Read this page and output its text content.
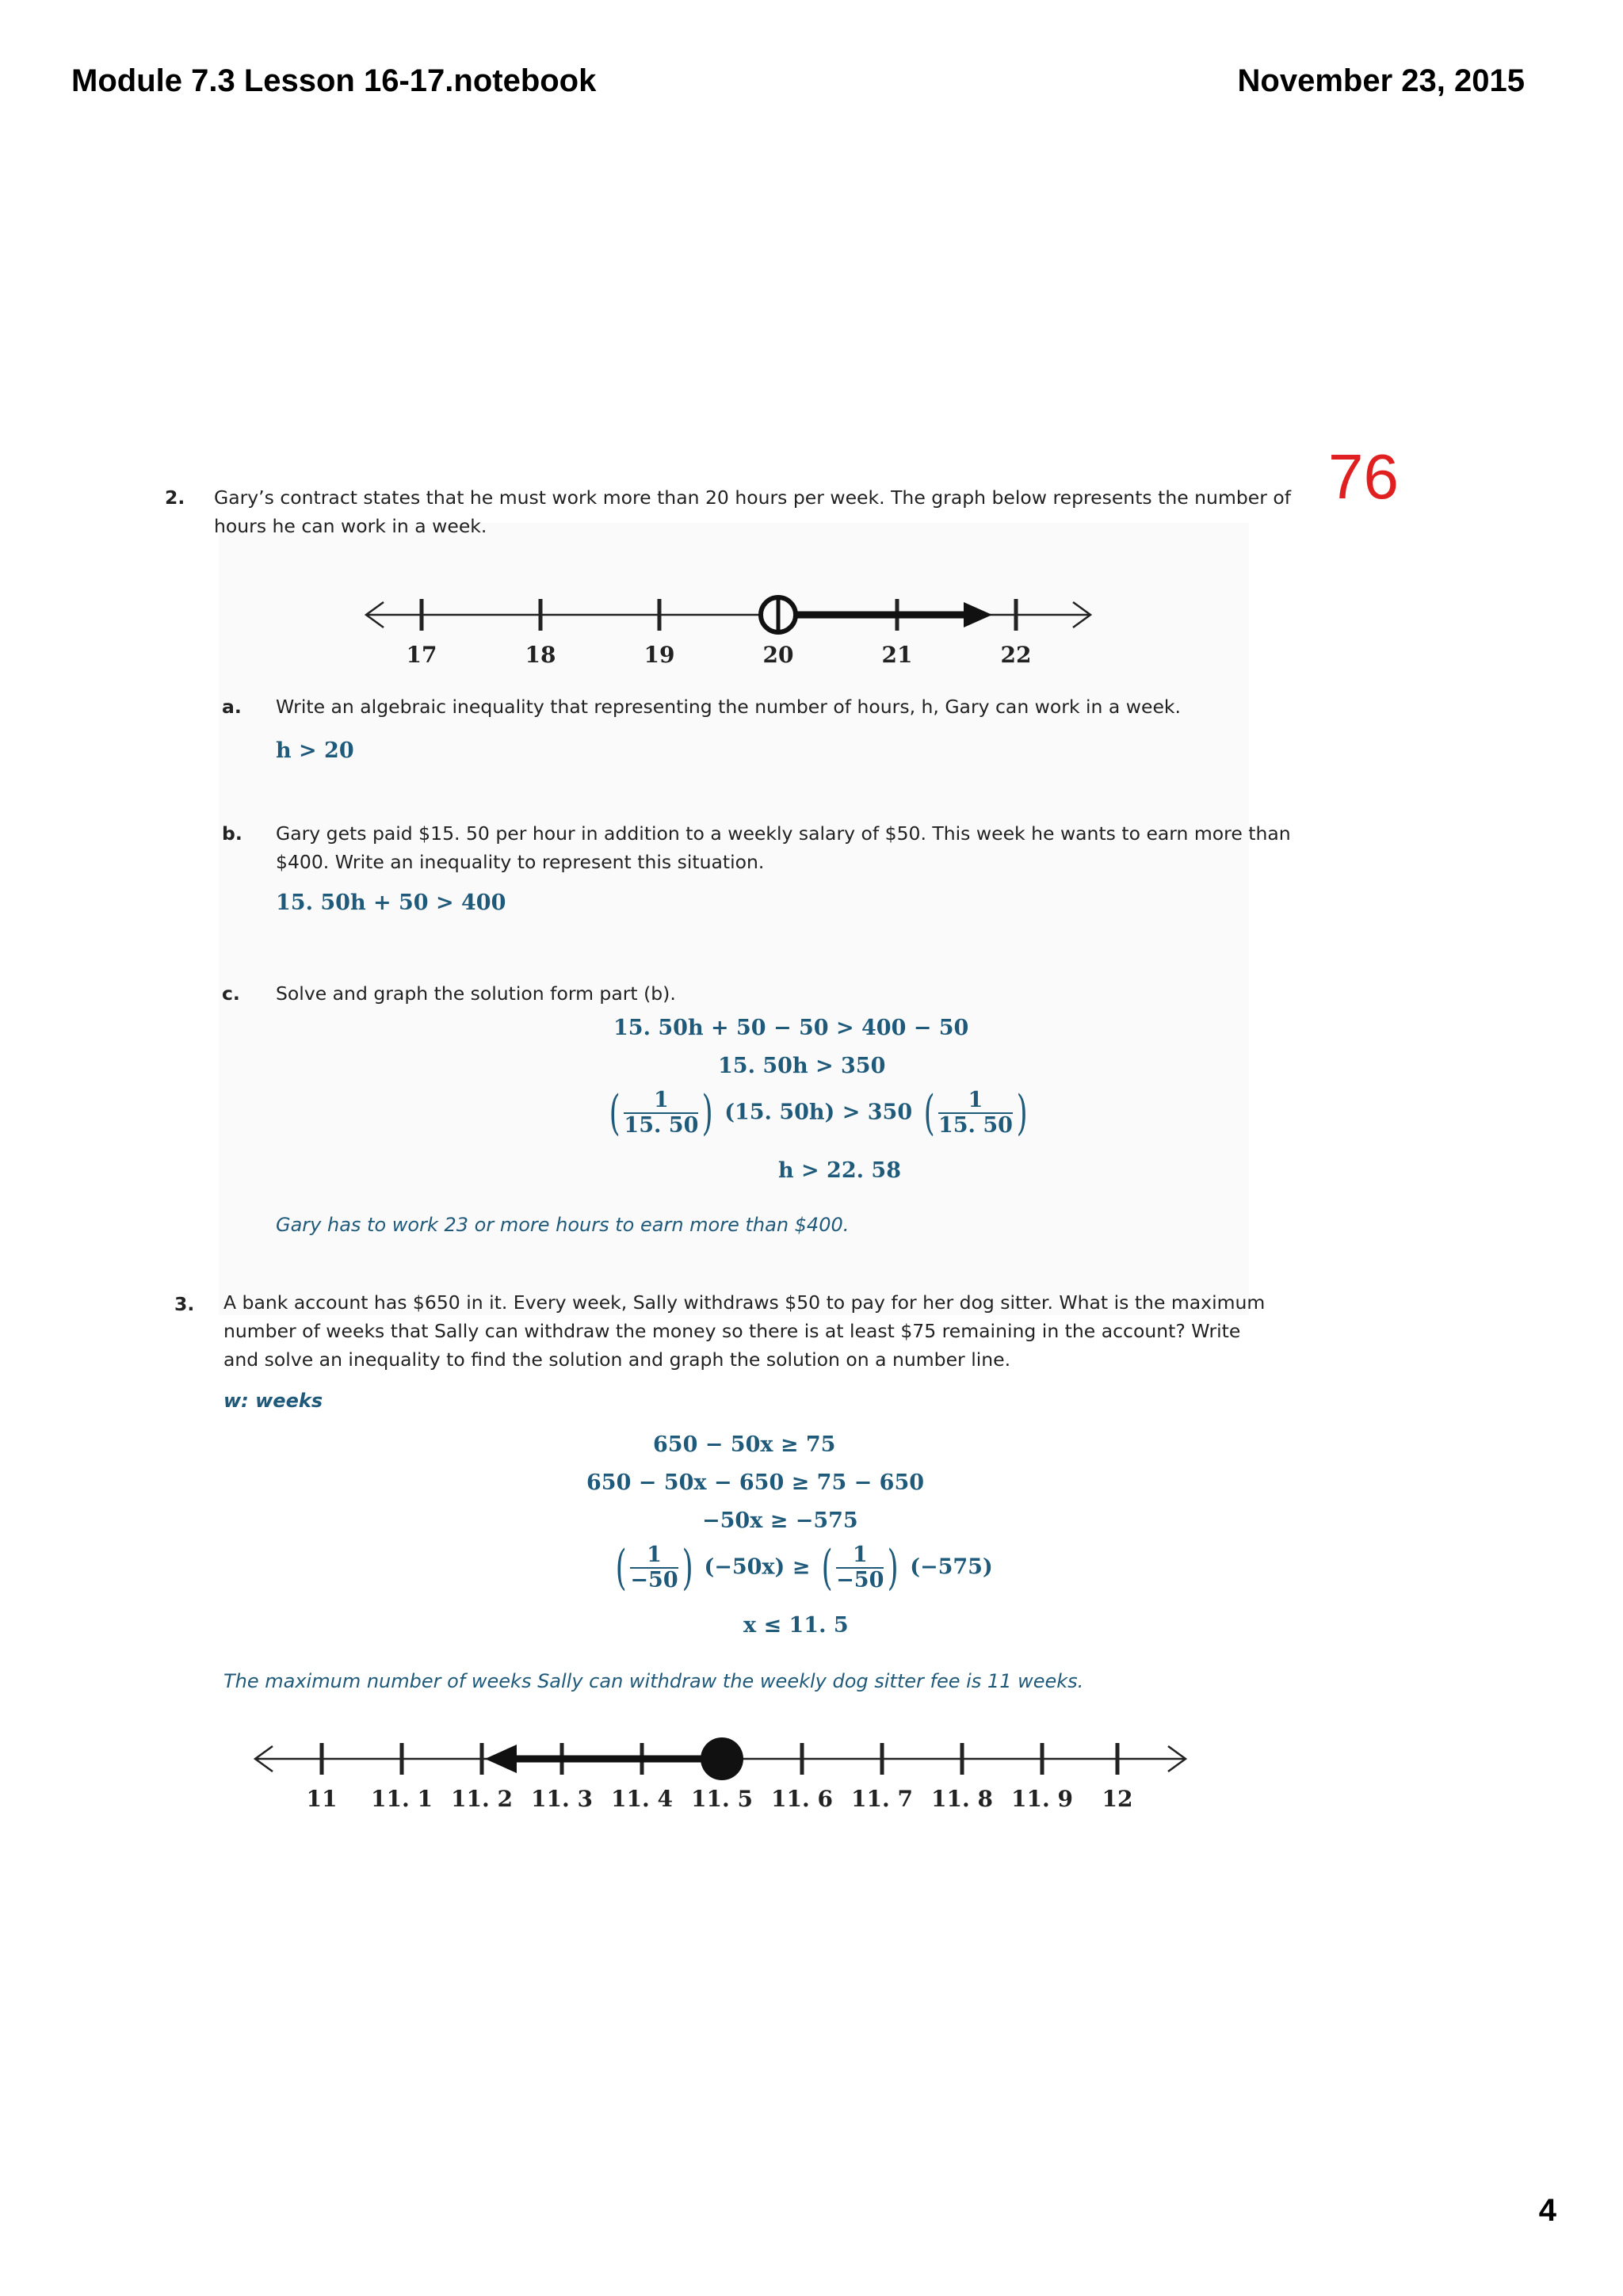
Module 7.3 Lesson 16-17.notebook	November 23, 2015
76
4
2. Gary’s contract states that he must work more than 20 hours per week. The graph below represents the number of hours he can work in a week.
17	18	19	20	21	22
a. Write an algebraic inequality that representing the number of hours, h, Gary can work in a week.
h > 20
b. Gary gets paid $15. 50 per hour in addition to a weekly salary of $50. This week he wants to earn more than $400. Write an inequality to represent this situation.
15. 50h + 50 > 400
c. Solve and graph the solution form part (b).
15. 50h + 50 − 50 > 400 − 50
15. 50h > 350
( $\frac{1}{15. 50}$ ) (15. 50h) > 350 ( $\frac{1}{15. 50}$ )
h > 22. 58
Gary has to work 23 or more hours to earn more than $400.
3. A bank account has $650 in it. Every week, Sally withdraws $50 to pay for her dog sitter. What is the maximum number of weeks that Sally can withdraw the money so there is at least $75 remaining in the account? Write and solve an inequality to find the solution and graph the solution on a number line.
w: weeks
650 − 50x ≥ 75
650 − 50x − 650 ≥ 75 − 650
−50x ≥ −575
( $\frac{1}{-50}$ ) (−50x) ≥ ( $\frac{1}{-50}$ ) (−575)
x ≤ 11. 5
The maximum number of weeks Sally can withdraw the weekly dog sitter fee is 11 weeks.
11 11. 1 11. 2 11. 3 11. 4 11. 5 11. 6 11. 7 11. 8 11. 9 12
